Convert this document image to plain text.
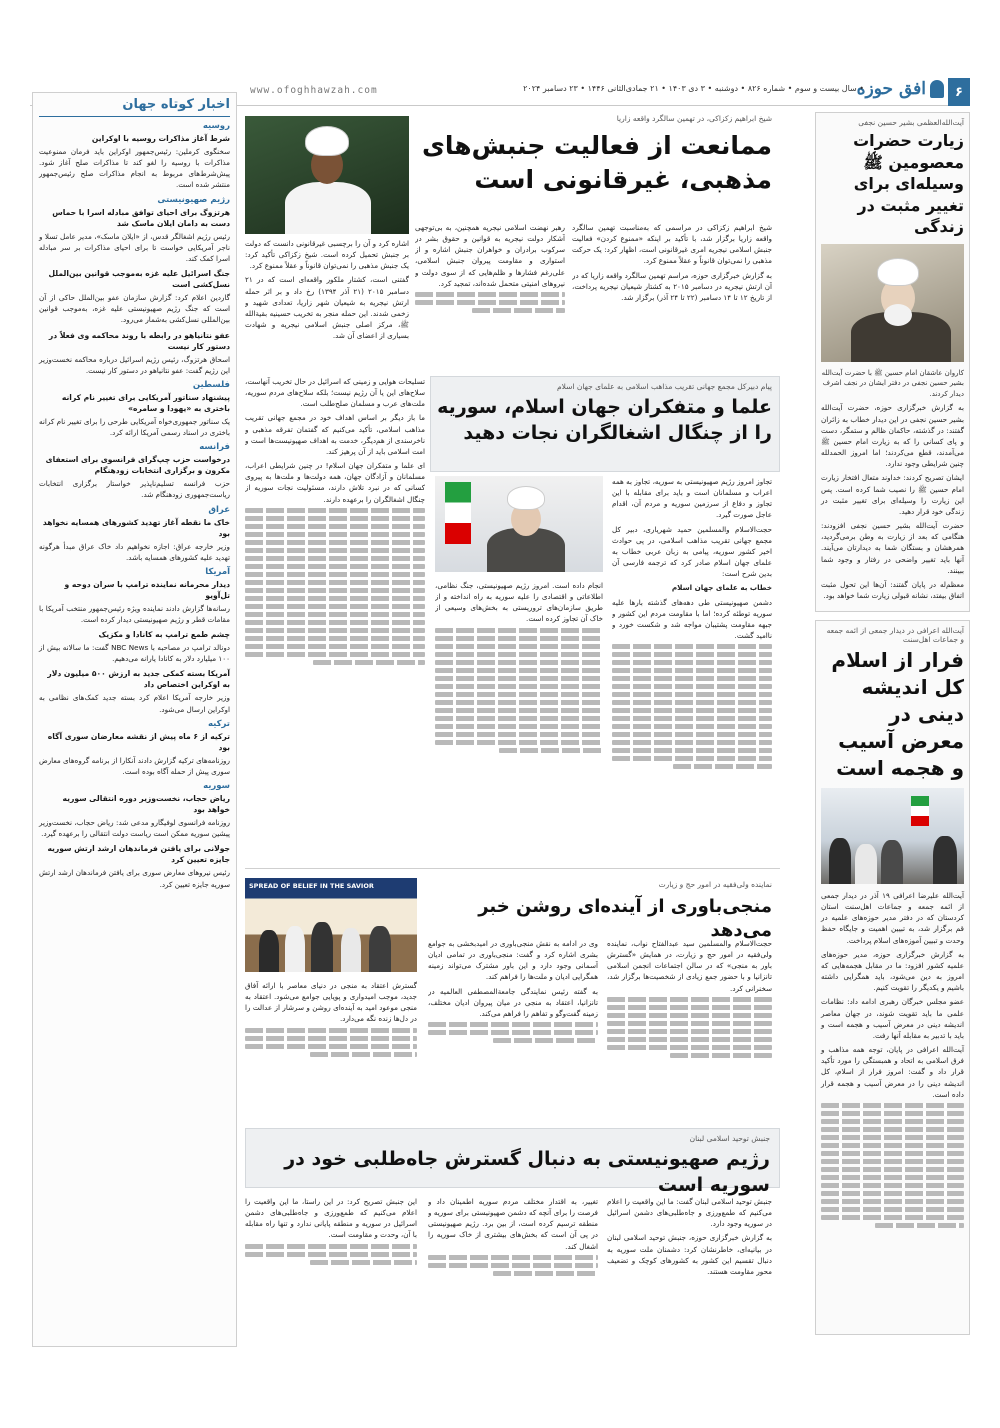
۶
افق حوزه
• سال بیست و سوم • شماره ۸۲۶ • دوشنبه • ۳ دی ۱۴۰۳ • ۲۱ جمادی‌الثانی ۱۴۴۶ • ۲۳ دسامبر ۲۰۲۴
www.ofoghhawzah.com
آیت‌الله‌العظمی بشیر حسین نجفی
زیارت حضرات معصومین ﷺ وسیله‌ای برای تغییر مثبت در زندگی
کاروان عاشقان امام حسین ﷺ با حضرت آیت‌الله بشیر حسین نجفی در دفتر ایشان در نجف اشرف دیدار کردند.

به گزارش خبرگزاری حوزه، حضرت آیت‌الله بشیر حسین نجفی در این دیدار خطاب به زائران گفتند: در گذشته، حاکمان ظالم و ستمگر، دست و پای کسانی را که به زیارت امام حسین ﷺ می‌آمدند، قطع می‌کردند؛ اما امروز الحمدلله چنین شرایطی وجود ندارد.

ایشان تصریح کردند: خداوند متعال افتخار زیارت امام حسین ﷺ را نصیب شما کرده است. پس این زیارت را وسیله‌ای برای تغییر مثبت در زندگی خود قرار دهید.

حضرت آیت‌الله بشیر حسین نجفی افزودند: هنگامی که بعد از زیارت به وطن برمی‌گردید، همرهشان و بستگان شما به دیدارتان می‌آیند. آنها باید تغییر واضحی در رفتار و وجود شما ببینند.

معظم‌له در پایان گفتند: آن‌ها این تحول مثبت اتفاق بیفتد، نشانه قبولی زیارت شما خواهد بود.

آیت‌الله اعرافی در دیدار جمعی از ائمه جمعه و جماعات اهل‌سنت
فرار از اسلام کل اندیشه دینی در معرض آسیب و هجمه است

آیت‌الله علیرضا اعرافی ۱۹ آذر در دیدار جمعی از ائمه جمعه و جماعات اهل‌سنت استان کردستان که در دفتر مدیر حوزه‌های علمیه در قم برگزار شد، به تبیین اهمیت و جایگاه حفظ وحدت و تبیین آموزه‌های اسلام پرداخت.

به گزارش خبرگزاری حوزه، مدیر حوزه‌های علمیه کشور افزود: ما در مقابل هجمه‌هایی که امروز به دین می‌شود، باید همگرایی داشته باشیم و یکدیگر را تقویت کنیم.

عضو مجلس خبرگان رهبری ادامه داد: نظامات علمی ما باید تقویت شوند، در جهان معاصر اندیشه دینی در معرض آسیب و هجمه است و باید با تدبیر به مقابله آنها رفت.

آیت‌الله اعرافی در پایان، توجه همه مذاهب و فرق اسلامی به اتحاد و همبستگی را مورد تأکید قرار داد و گفت: امروز فرار از اسلام، کل اندیشه دینی را در معرض آسیب و هجمه قرار داده است.

اخبار کوتاه جهان
روسیه
شرط آغاز مذاکرات روسیه با اوکراین
سخنگوی کرملین: رئیس‌جمهور اوکراین باید فرمان ممنوعیت مذاکرات با روسیه را لغو کند تا مذاکرات صلح آغاز شود. پیش‌شرط‌های مربوط به انجام مذاکرات صلح رئیس‌جمهور منتشر شده است.
رژیم صهیونیستی
هرتزوگ برای احیای توافق مبادله اسرا با حماس دست به دامان ایلان ماسک شد
رئیس رژیم اشغالگر قدس، از «ایلان ماسک»، مدیر عامل تسلا و ناجر آمریکایی خواست تا برای احیای مذاکرات بر سر مبادله اسرا کمک کند.
جنگ اسرائیل علیه غزه به‌موجب قوانین بین‌الملل نسل‌کشی است
گاردین اعلام کرد: گزارش سازمان عفو بین‌الملل حاکی از آن است که جنگ رژیم صهیونیستی علیه غزه، به‌موجب قوانین بین‌المللی نسل‌کشی به‌شمار می‌رود.
عفو نتانیاهو در رابطه با روند محاکمه وی فعلاً در دستور کار نیست
اسحاق هرتزوگ، رئیس رژیم اسرائیل درباره محاکمه نخست‌وزیر این رژیم گفت: عفو نتانیاهو در دستور کار نیست.
فلسطین
پیشنهاد سناتور آمریکایی برای تغییر نام کرانه باختری به «یهودا و سامره»
یک سناتور جمهوری‌خواه آمریکایی طرحی را برای تغییر نام کرانه باختری در اسناد رسمی آمریکا ارائه کرد.
فرانسه
درخواست حزب چپ‌گرای فرانسوی برای استعفای مکرون و برگزاری انتخابات زودهنگام
حزب فرانسه تسلیم‌ناپذیر خواستار برگزاری انتخابات ریاست‌جمهوری زودهنگام شد.
عراق
خاک ما نقطه آغاز تهدید کشورهای همسایه نخواهد بود
وزیر خارجه عراق: اجازه نخواهیم داد خاک عراق مبدأ هرگونه تهدید علیه کشورهای همسایه باشد.
آمریکا
دیدار محرمانه نماینده ترامپ با سران دوحه و تل‌آویو
رسانه‌ها گزارش دادند نماینده ویژه رئیس‌جمهور منتخب آمریکا با مقامات قطر و رژیم صهیونیستی دیدار کرده است.
چشم طمع ترامپ به کانادا و مکزیک
دونالد ترامپ در مصاحبه با NBC News گفت: ما سالانه بیش از ۱۰۰ میلیارد دلار به کانادا یارانه می‌دهیم.
آمریکا بسته کمکی جدید به ارزش ۵۰۰ میلیون دلار به اوکراین اختصاص داد
وزیر خارجه آمریکا اعلام کرد بسته جدید کمک‌های نظامی به اوکراین ارسال می‌شود.
ترکیه
ترکیه از ۶ ماه پیش از نقشه معارضان سوری آگاه بود
روزنامه‌های ترکیه گزارش دادند آنکارا از برنامه گروه‌های معارض سوری پیش از حمله آگاه بوده است.
سوریه
ریاض حجاب، نخست‌وزیر دوره انتقالی سوریه خواهد بود
روزنامه فرانسوی لوفیگارو مدعی شد: ریاض حجاب، نخست‌وزیر پیشین سوریه ممکن است ریاست دولت انتقالی را برعهده گیرد.
جولانی برای یافتن فرماندهان ارشد ارتش سوریه جایزه تعیین کرد
رئیس نیروهای معارض سوری برای یافتن فرماندهان ارشد ارتش سوریه جایزه تعیین کرد.
شیخ ابراهیم زکزاکی، در تهمین سالگرد واقعه زاریا
ممانعت از فعالیت جنبش‌های مذهبی، غیرقانونی است

شیخ ابراهیم زکزاکی در مراسمی که به‌مناسبت تهمین سالگرد واقعه زاریا برگزار شد، با تأکید بر اینکه «ممنوع کردن» فعالیت جنبش اسلامی نیجریه امری غیرقانونی است، اظهار کرد: یک حرکت مذهبی را نمی‌توان قانوناً و عقلاً ممنوع کرد.

به گزارش خبرگزاری حوزه، مراسم تهمین سالگرد واقعه زاریا که در آن ارتش نیجریه در دسامبر ۲۰۱۵ به کشتار شیعیان نیجریه پرداخت، از تاریخ ۱۲ تا ۱۴ دسامبر (۲۲ تا ۲۴ آذر) برگزار شد.

رهبر نهضت اسلامی نیجریه همچنین، به بی‌توجهی آشکار دولت نیجریه به قوانین و حقوق بشر در سرکوب برادران و خواهران جنبش اشاره و از استواری و مقاومت پیروان جنبش اسلامی، علی‌رغم فشارها و ظلم‌هایی که از سوی دولت و نیروهای امنیتی متحمل شده‌اند، تمجید کرد.

اشاره کرد و آن را برچسبی غیرقانونی دانست که دولت بر جنبش تحمیل کرده است. شیخ زکزاکی تأکید کرد: یک جنبش مذهبی را نمی‌توان قانوناً و عقلاً ممنوع کرد.

گفتنی است، کشتار ملکور واقعه‌ای است که در ۲۱ دسامبر ۲۰۱۵ (۲۱ آذر ۱۳۹۴) رخ داد و بر اثر حمله ارتش نیجریه به شیعیان شهر زاریا، تعدادی شهید و زخمی شدند. این حمله منجر به تخریب حسینیه بقیةالله ﷺ، مرکز اصلی جنبش اسلامی نیجریه و شهادت بسیاری از اعضای آن شد.

پیام دبیرکل مجمع جهانی تقریب مذاهب اسلامی به علمای جهان اسلام
علما و متفکران جهان اسلام، سوریه را از چنگال اشغالگران نجات دهید

تجاوز امروز رژیم صهیونیستی به سوریه، تجاوز به همه اعراب و مسلمانان است و باید برای مقابله با این تجاوز و دفاع از سرزمین سوریه و مردم آن، اقدام عاجل صورت گیرد.

حجت‌الاسلام والمسلمین حمید شهریاری، دبیر کل مجمع جهانی تقریب مذاهب اسلامی، در پی حوادث اخیر کشور سوریه، پیامی به زبان عربی خطاب به علمای جهان اسلام صادر کرد که ترجمه فارسی آن بدین شرح است:

خطاب به علمای جهان اسلام

دشمن صهیونیستی طی دهه‌های گذشته بارها علیه سوریه توطئه کرده؛ اما با مقاومت مردم این کشور و جبهه مقاومت پشتیبان مواجه شد و شکست خورد و ناامید گشت.

انجام داده است. امروز رژیم صهیونیستی، جنگ نظامی، اطلاعاتی و اقتصادی را علیه سوریه به راه انداخته و از طریق سازمان‌های تروریستی به بخش‌های وسیعی از خاک آن تجاوز کرده است.

تسلیحات هوایی و زمینی که اسرائیل در حال تخریب آنهاست، سلاح‌های این یا آن رژیم نیست؛ بلکه سلاح‌های مردم سوریه، ملت‌های عرب و مسلمان صلح‌طلب است.

ما باز دیگر بر اساس اهداف خود در مجمع جهانی تقریب مذاهب اسلامی، تأکید می‌کنیم که گفتمان تفرقه مذهبی و ناخرسندی از هم‌دیگر، خدمت به اهداف صهیونیست‌ها است و امت اسلامی باید از آن پرهیز کند.

ای علما و متفکران جهان اسلام! در چنین شرایطی اعراب، مسلمانان و آزادگان جهان، همه دولت‌ها و ملت‌ها به پیروی کسانی که در نبرد تلاش دارند، مسئولیت نجات سوریه از چنگال اشغالگران را برعهده دارند.

SPREAD OF BELIEF IN THE SAVIOR	نماینده ولی‌فقیه در امور حج و زیارت
منجی‌باوری از آینده‌ای روشن خبر می‌دهد

حجت‌الاسلام والمسلمین سید عبدالفتاح نواب، نماینده ولی‌فقیه در امور حج و زیارت، در همایش «گسترش باور به منجی» که در سالن اجتماعات انجمن اسلامی تانزانیا و با حضور جمع زیادی از شخصیت‌ها برگزار شد، سخنرانی کرد.

وی در ادامه به نقش منجی‌باوری در امیدبخشی به جوامع بشری اشاره کرد و گفت: منجی‌باوری در تمامی ادیان آسمانی وجود دارد و این باور مشترک می‌تواند زمینه همگرایی ادیان و ملت‌ها را فراهم کند.

به گفته رئیس نمایندگی جامعةالمصطفی العالمیه در تانزانیا، اعتقاد به منجی در میان پیروان ادیان مختلف، زمینه گفت‌وگو و تفاهم را فراهم می‌کند.

گسترش اعتقاد به منجی در دنیای معاصر با ارائه آفاق جدید، موجب امیدواری و پویایی جوامع می‌شود. اعتقاد به منجی موعود امید به آینده‌ای روشن و سرشار از عدالت را در دل‌ها زنده نگه می‌دارد.

جنبش توحید اسلامی لبنان
رژیم صهیونیستی به دنبال گسترش جاه‌طلبی خود در سوریه است

جنبش توحید اسلامی لبنان گفت: ما این واقعیت را اعلام می‌کنیم که طمع‌ورزی و جاه‌طلبی‌های دشمن اسرائیل در سوریه وجود دارد.

به گزارش خبرگزاری حوزه، جنبش توحید اسلامی لبنان در بیانیه‌ای، خاطرنشان کرد: دشمنان ملت سوریه به دنبال تقسیم این کشور به کشورهای کوچک و تضعیف محور مقاومت هستند.

تغییر، به اقتدار مختلف مردم سوریه اطمینان داد و فرصت را برای آنچه که دشمن صهیونیستی برای سوریه و منطقه ترسیم کرده است، از بین برد. رژیم صهیونیستی در پی آن است که بخش‌های بیشتری از خاک سوریه را اشغال کند.

این جنبش تصریح کرد: در این راستا، ما این واقعیت را اعلام می‌کنیم که طمع‌ورزی و جاه‌طلبی‌های دشمن اسرائیل در سوریه و منطقه پایانی ندارد و تنها راه مقابله با آن، وحدت و مقاومت است.
